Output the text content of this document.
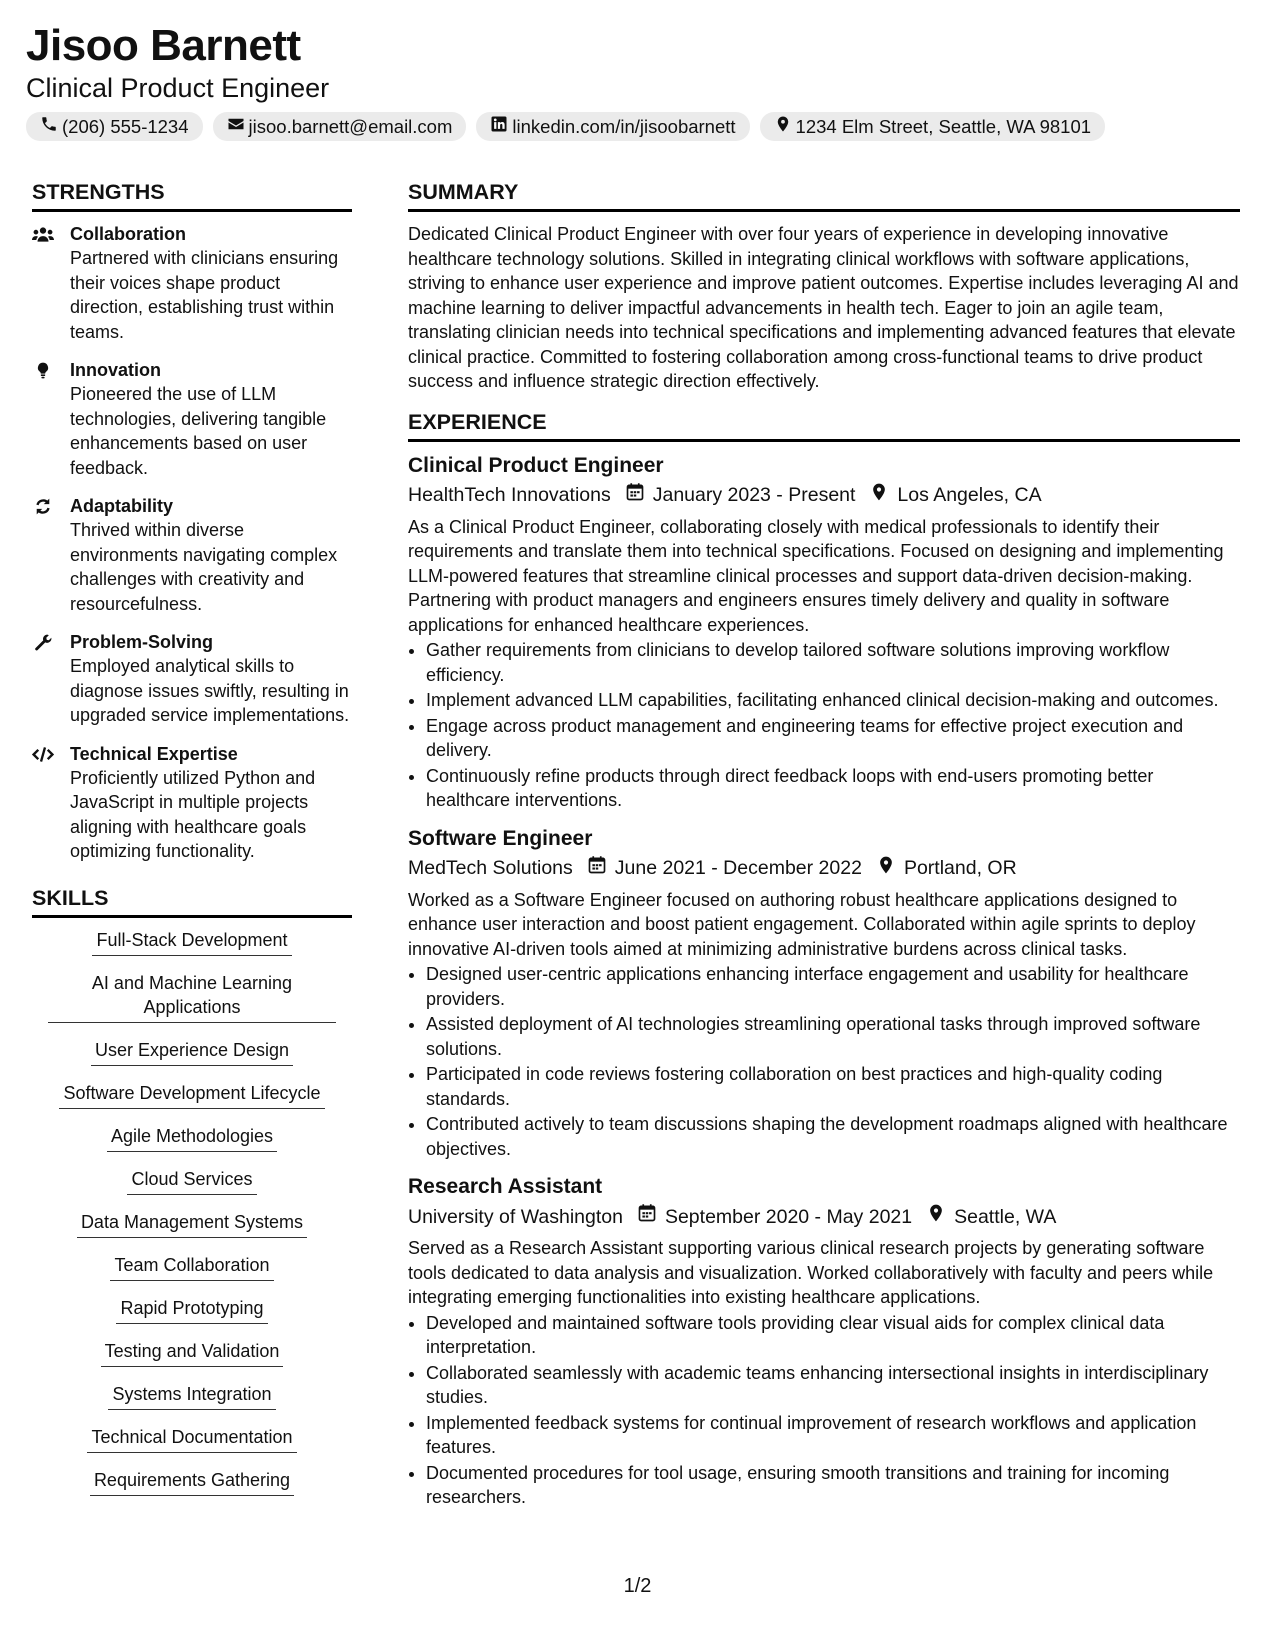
Jisoo Barnett
Clinical Product Engineer
(206) 555-1234	jisoo.barnett@email.com	linkedin.com/in/jisoobarnett	1234 Elm Street, Seattle, WA 98101
STRENGTHS
Collaboration
Partnered with clinicians ensuring their voices shape product direction, establishing trust within teams.
Innovation
Pioneered the use of LLM technologies, delivering tangible enhancements based on user feedback.
Adaptability
Thrived within diverse environments navigating complex challenges with creativity and resourcefulness.
Problem-Solving
Employed analytical skills to diagnose issues swiftly, resulting in upgraded service implementations.
Technical Expertise
Proficiently utilized Python and JavaScript in multiple projects aligning with healthcare goals optimizing functionality.
SKILLS
Full-Stack Development
AI and Machine Learning Applications
User Experience Design
Software Development Lifecycle
Agile Methodologies
Cloud Services
Data Management Systems
Team Collaboration
Rapid Prototyping
Testing and Validation
Systems Integration
Technical Documentation
Requirements Gathering
SUMMARY
Dedicated Clinical Product Engineer with over four years of experience in developing innovative healthcare technology solutions. Skilled in integrating clinical workflows with software applications, striving to enhance user experience and improve patient outcomes. Expertise includes leveraging AI and machine learning to deliver impactful advancements in health tech. Eager to join an agile team, translating clinician needs into technical specifications and implementing advanced features that elevate clinical practice. Committed to fostering collaboration among cross-functional teams to drive product success and influence strategic direction effectively.
EXPERIENCE
Clinical Product Engineer
HealthTech Innovations January 2023 - Present Los Angeles, CA
As a Clinical Product Engineer, collaborating closely with medical professionals to identify their requirements and translate them into technical specifications. Focused on designing and implementing LLM-powered features that streamline clinical processes and support data-driven decision-making. Partnering with product managers and engineers ensures timely delivery and quality in software applications for enhanced healthcare experiences.
• Gather requirements from clinicians to develop tailored software solutions improving workflow efficiency.
• Implement advanced LLM capabilities, facilitating enhanced clinical decision-making and outcomes.
• Engage across product management and engineering teams for effective project execution and delivery.
• Continuously refine products through direct feedback loops with end-users promoting better healthcare interventions.
Software Engineer
MedTech Solutions June 2021 - December 2022 Portland, OR
Worked as a Software Engineer focused on authoring robust healthcare applications designed to enhance user interaction and boost patient engagement. Collaborated within agile sprints to deploy innovative AI-driven tools aimed at minimizing administrative burdens across clinical tasks.
• Designed user-centric applications enhancing interface engagement and usability for healthcare providers.
• Assisted deployment of AI technologies streamlining operational tasks through improved software solutions.
• Participated in code reviews fostering collaboration on best practices and high-quality coding standards.
• Contributed actively to team discussions shaping the development roadmaps aligned with healthcare objectives.
Research Assistant
University of Washington September 2020 - May 2021 Seattle, WA
Served as a Research Assistant supporting various clinical research projects by generating software tools dedicated to data analysis and visualization. Worked collaboratively with faculty and peers while integrating emerging functionalities into existing healthcare applications.
• Developed and maintained software tools providing clear visual aids for complex clinical data interpretation.
• Collaborated seamlessly with academic teams enhancing intersectional insights in interdisciplinary studies.
• Implemented feedback systems for continual improvement of research workflows and application features.
• Documented procedures for tool usage, ensuring smooth transitions and training for incoming researchers.
1/2
